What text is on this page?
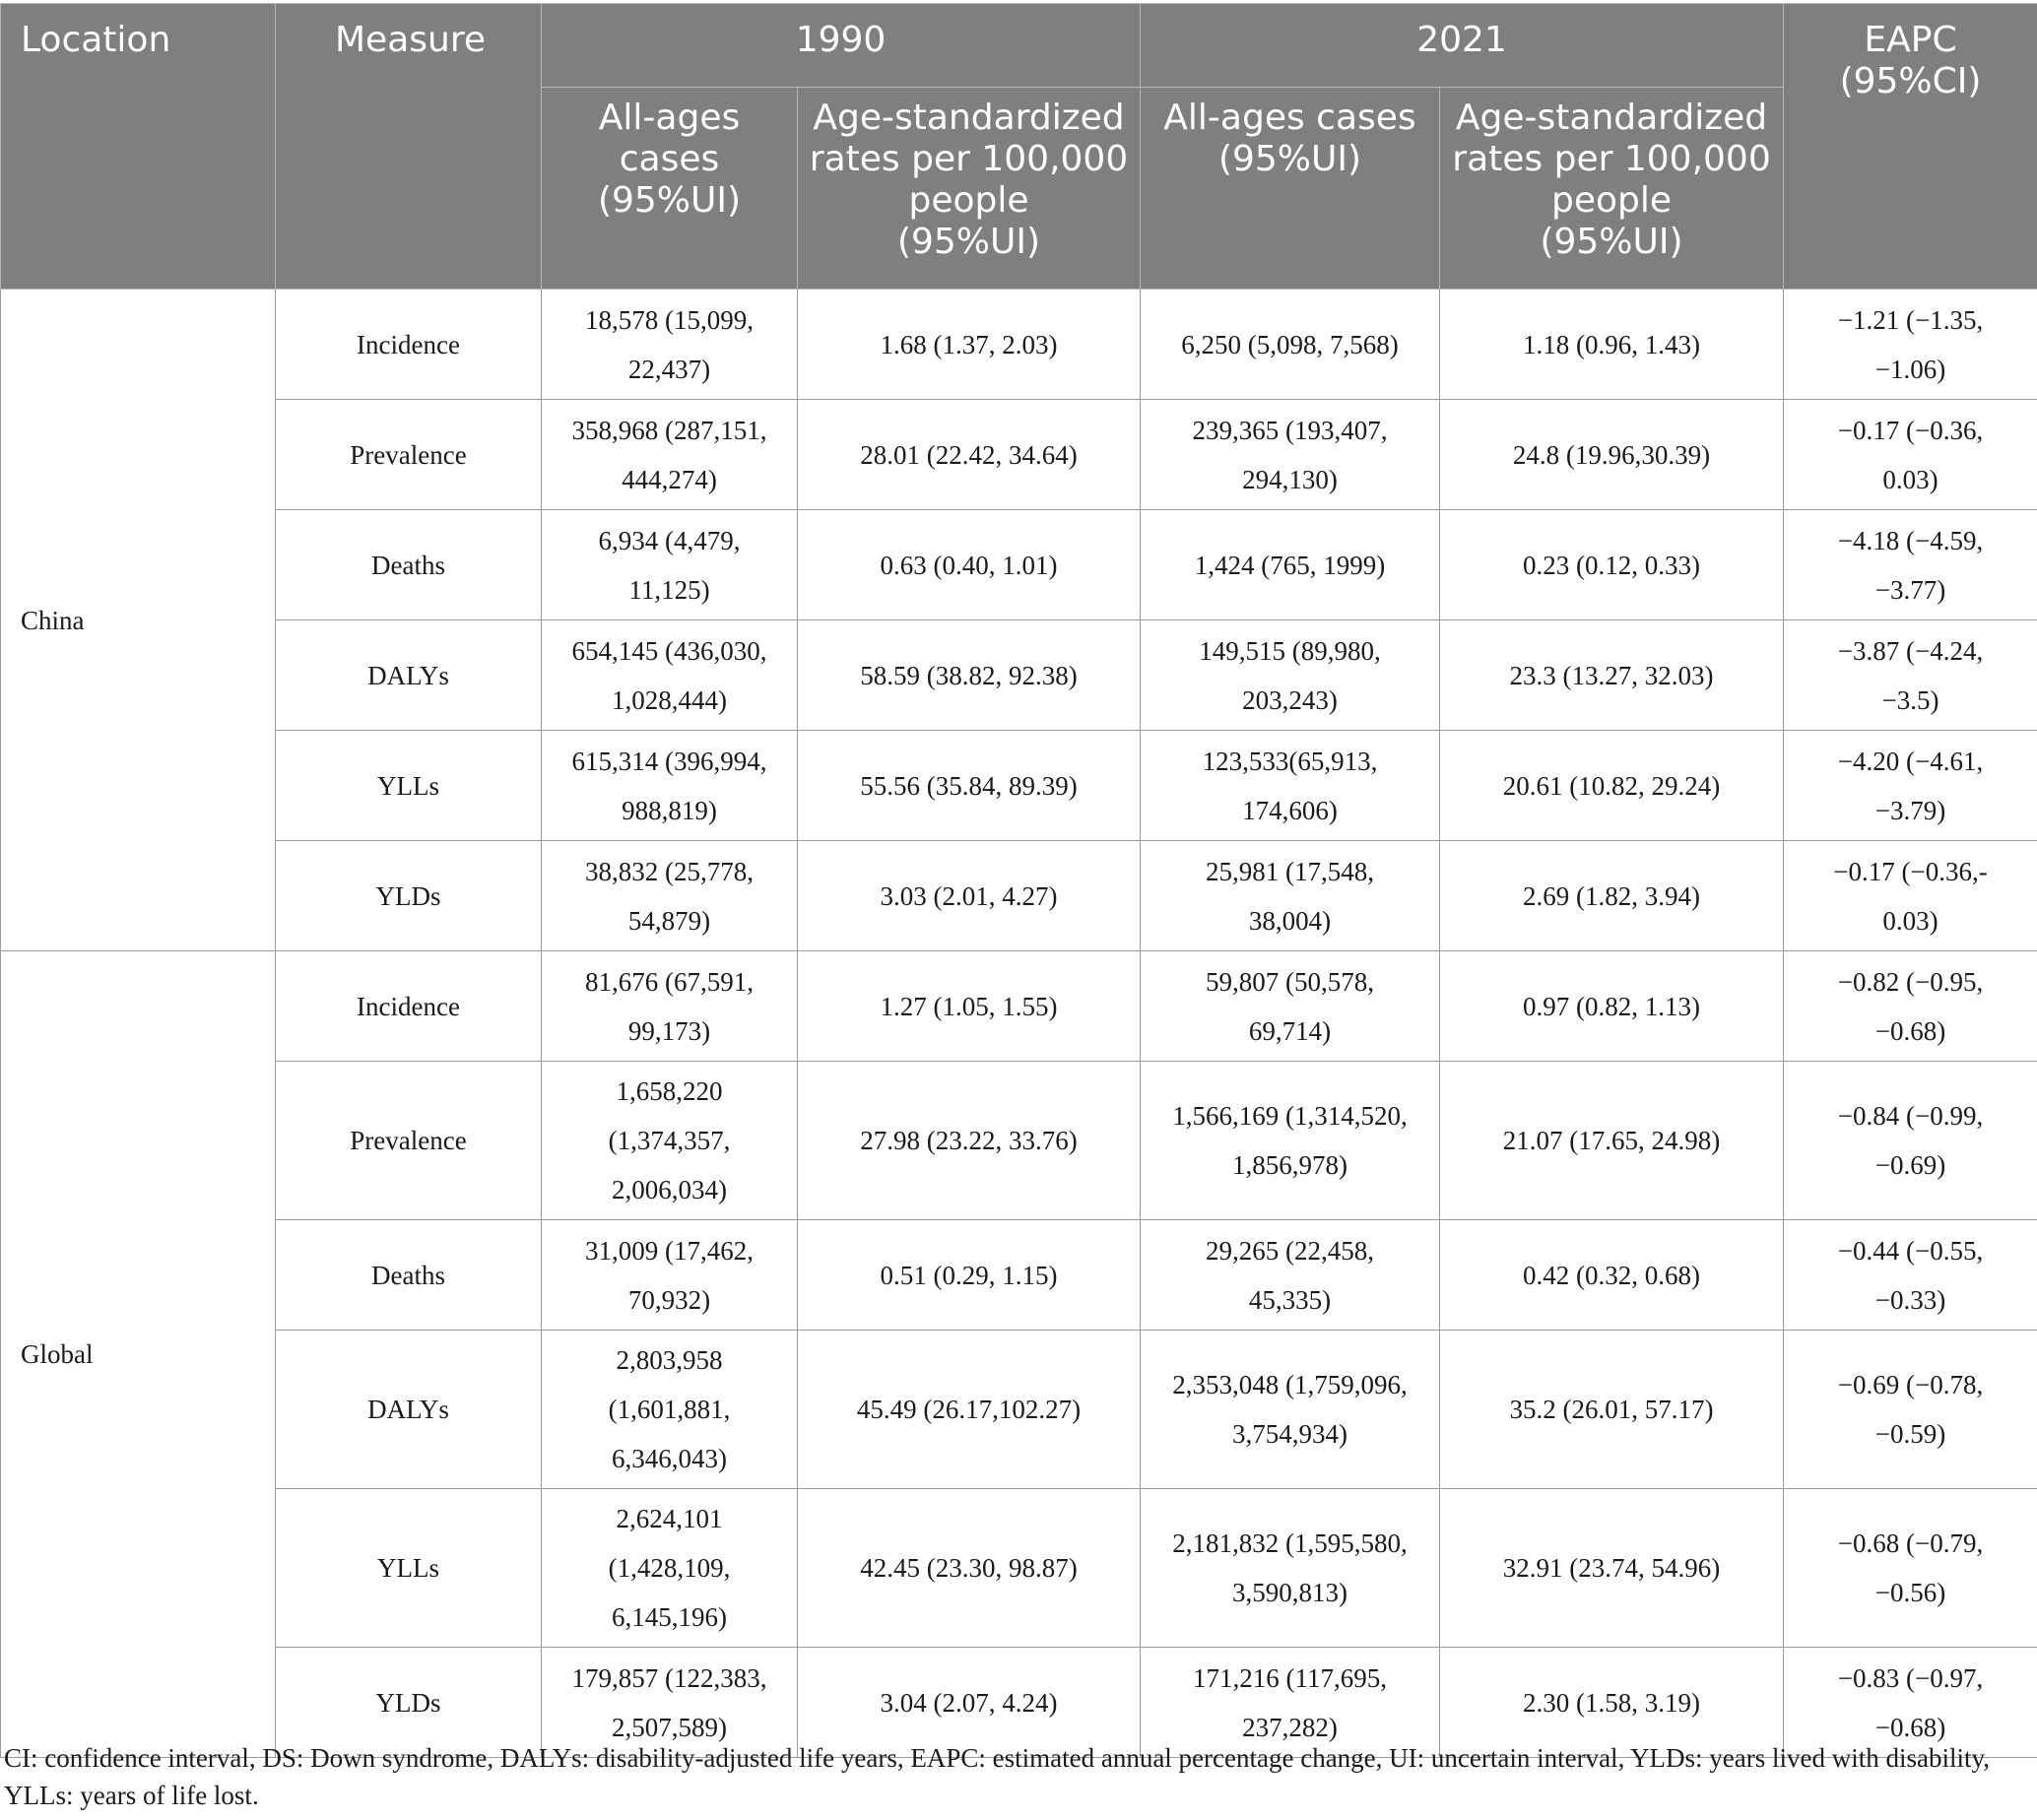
Location	Measure	1990		2021		EAPC
(95%CI)

		All-ages
cases
(95%UI)	Age-standardized
rates per 100,000
people
(95%UI)	All-ages cases
(95%UI)	Age-standardized
rates per 100,000
people
(95%UI)	

China	Incidence	18,578 (15,099,
22,437)	1.68 (1.37, 2.03)	6,250 (5,098, 7,568)	1.18 (0.96, 1.43)	−1.21 (−1.35,
−1.06)

	Prevalence	358,968 (287,151,
444,274)	28.01 (22.42, 34.64)	239,365 (193,407,
294,130)	24.8 (19.96,30.39)	−0.17 (−0.36,
0.03)

	Deaths	6,934 (4,479,
11,125)	0.63 (0.40, 1.01)	1,424 (765, 1999)	0.23 (0.12, 0.33)	−4.18 (−4.59,
−3.77)

	DALYs	654,145 (436,030,
1,028,444)	58.59 (38.82, 92.38)	149,515 (89,980,
203,243)	23.3 (13.27, 32.03)	−3.87 (−4.24,
−3.5)

	YLLs	615,314 (396,994,
988,819)	55.56 (35.84, 89.39)	123,533(65,913,
174,606)	20.61 (10.82, 29.24)	−4.20 (−4.61,
−3.79)

	YLDs	38,832 (25,778,
54,879)	3.03 (2.01, 4.27)	25,981 (17,548,
38,004)	2.69 (1.82, 3.94)	−0.17 (−0.36,-
0.03)

Global	Incidence	81,676 (67,591,
99,173)	1.27 (1.05, 1.55)	59,807 (50,578,
69,714)	0.97 (0.82, 1.13)	−0.82 (−0.95,
−0.68)

	Prevalence	1,658,220
(1,374,357,
2,006,034)	27.98 (23.22, 33.76)	1,566,169 (1,314,520,
1,856,978)	21.07 (17.65, 24.98)	−0.84 (−0.99,
−0.69)

	Deaths	31,009 (17,462,
70,932)	0.51 (0.29, 1.15)	29,265 (22,458,
45,335)	0.42 (0.32, 0.68)	−0.44 (−0.55,
−0.33)

	DALYs	2,803,958
(1,601,881,
6,346,043)	45.49 (26.17,102.27)	2,353,048 (1,759,096,
3,754,934)	35.2 (26.01, 57.17)	−0.69 (−0.78,
−0.59)

	YLLs	2,624,101
(1,428,109,
6,145,196)	42.45 (23.30, 98.87)	2,181,832 (1,595,580,
3,590,813)	32.91 (23.74, 54.96)	−0.68 (−0.79,
−0.56)

	YLDs	179,857 (122,383,
2,507,589)	3.04 (2.07, 4.24)	171,216 (117,695,
237,282)	2.30 (1.58, 3.19)	−0.83 (−0.97,
−0.68)
CI: confidence interval, DS: Down syndrome, DALYs: disability-adjusted life years, EAPC: estimated annual percentage change, UI: uncertain interval, YLDs: years lived with disability, YLLs: years of life lost.
